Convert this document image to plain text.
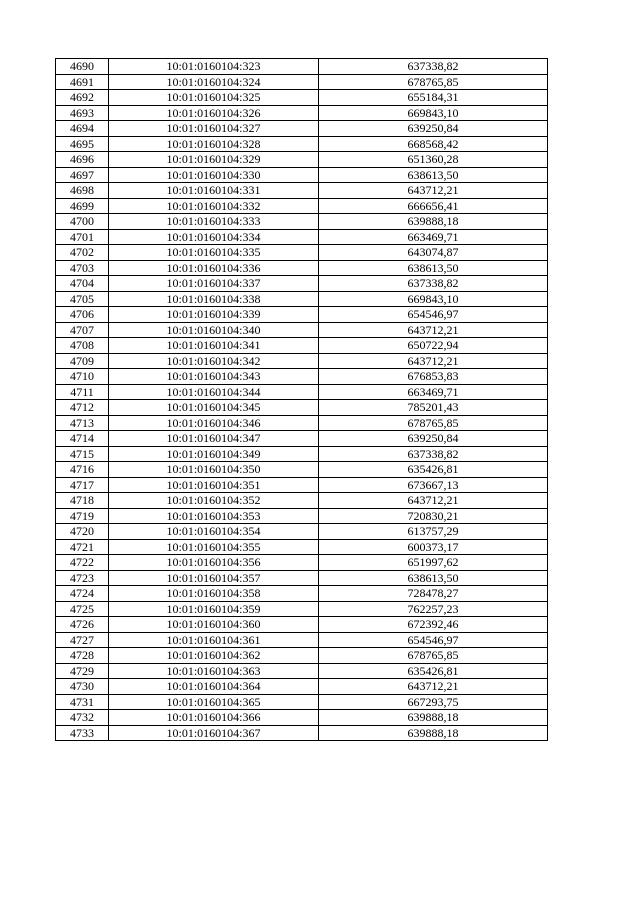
4690	10:01:0160104:323	637338,82
4691	10:01:0160104:324	678765,85
4692	10:01:0160104:325	655184,31
4693	10:01:0160104:326	669843,10
4694	10:01:0160104:327	639250,84
4695	10:01:0160104:328	668568,42
4696	10:01:0160104:329	651360,28
4697	10:01:0160104:330	638613,50
4698	10:01:0160104:331	643712,21
4699	10:01:0160104:332	666656,41
4700	10:01:0160104:333	639888,18
4701	10:01:0160104:334	663469,71
4702	10:01:0160104:335	643074,87
4703	10:01:0160104:336	638613,50
4704	10:01:0160104:337	637338,82
4705	10:01:0160104:338	669843,10
4706	10:01:0160104:339	654546,97
4707	10:01:0160104:340	643712,21
4708	10:01:0160104:341	650722,94
4709	10:01:0160104:342	643712,21
4710	10:01:0160104:343	676853,83
4711	10:01:0160104:344	663469,71
4712	10:01:0160104:345	785201,43
4713	10:01:0160104:346	678765,85
4714	10:01:0160104:347	639250,84
4715	10:01:0160104:349	637338,82
4716	10:01:0160104:350	635426,81
4717	10:01:0160104:351	673667,13
4718	10:01:0160104:352	643712,21
4719	10:01:0160104:353	720830,21
4720	10:01:0160104:354	613757,29
4721	10:01:0160104:355	600373,17
4722	10:01:0160104:356	651997,62
4723	10:01:0160104:357	638613,50
4724	10:01:0160104:358	728478,27
4725	10:01:0160104:359	762257,23
4726	10:01:0160104:360	672392,46
4727	10:01:0160104:361	654546,97
4728	10:01:0160104:362	678765,85
4729	10:01:0160104:363	635426,81
4730	10:01:0160104:364	643712,21
4731	10:01:0160104:365	667293,75
4732	10:01:0160104:366	639888,18
4733	10:01:0160104:367	639888,18
